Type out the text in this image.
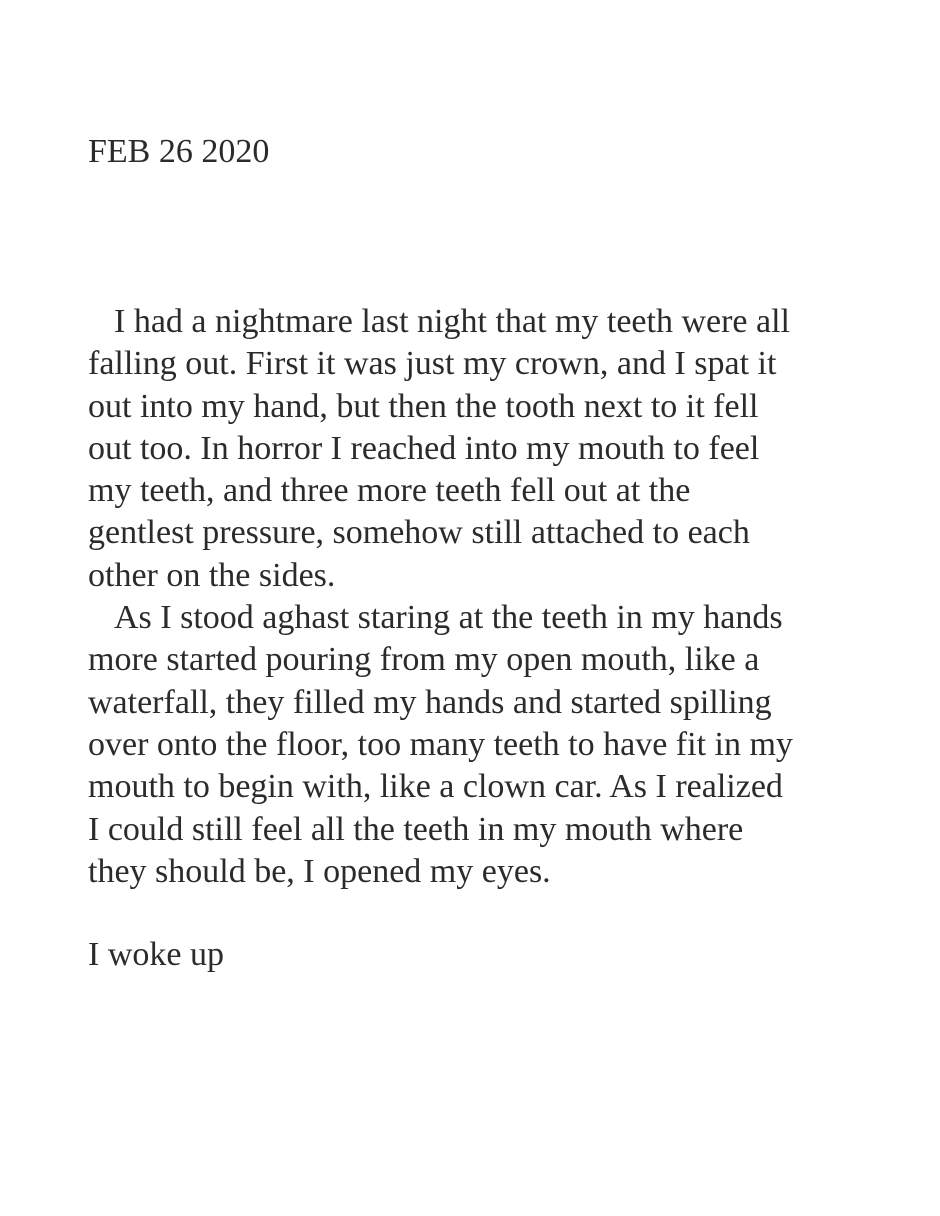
FEB 26 2020
I had a nightmare last night that my teeth were all
falling out. First it was just my crown, and I spat it
out into my hand, but then the tooth next to it fell
out too. In horror I reached into my mouth to feel
my teeth, and three more teeth fell out at the
gentlest pressure, somehow still attached to each
other on the sides.
As I stood aghast staring at the teeth in my hands
more started pouring from my open mouth, like a
waterfall, they filled my hands and started spilling
over onto the floor, too many teeth to have fit in my
mouth to begin with, like a clown car. As I realized
I could still feel all the teeth in my mouth where
they should be, I opened my eyes.
I woke up
